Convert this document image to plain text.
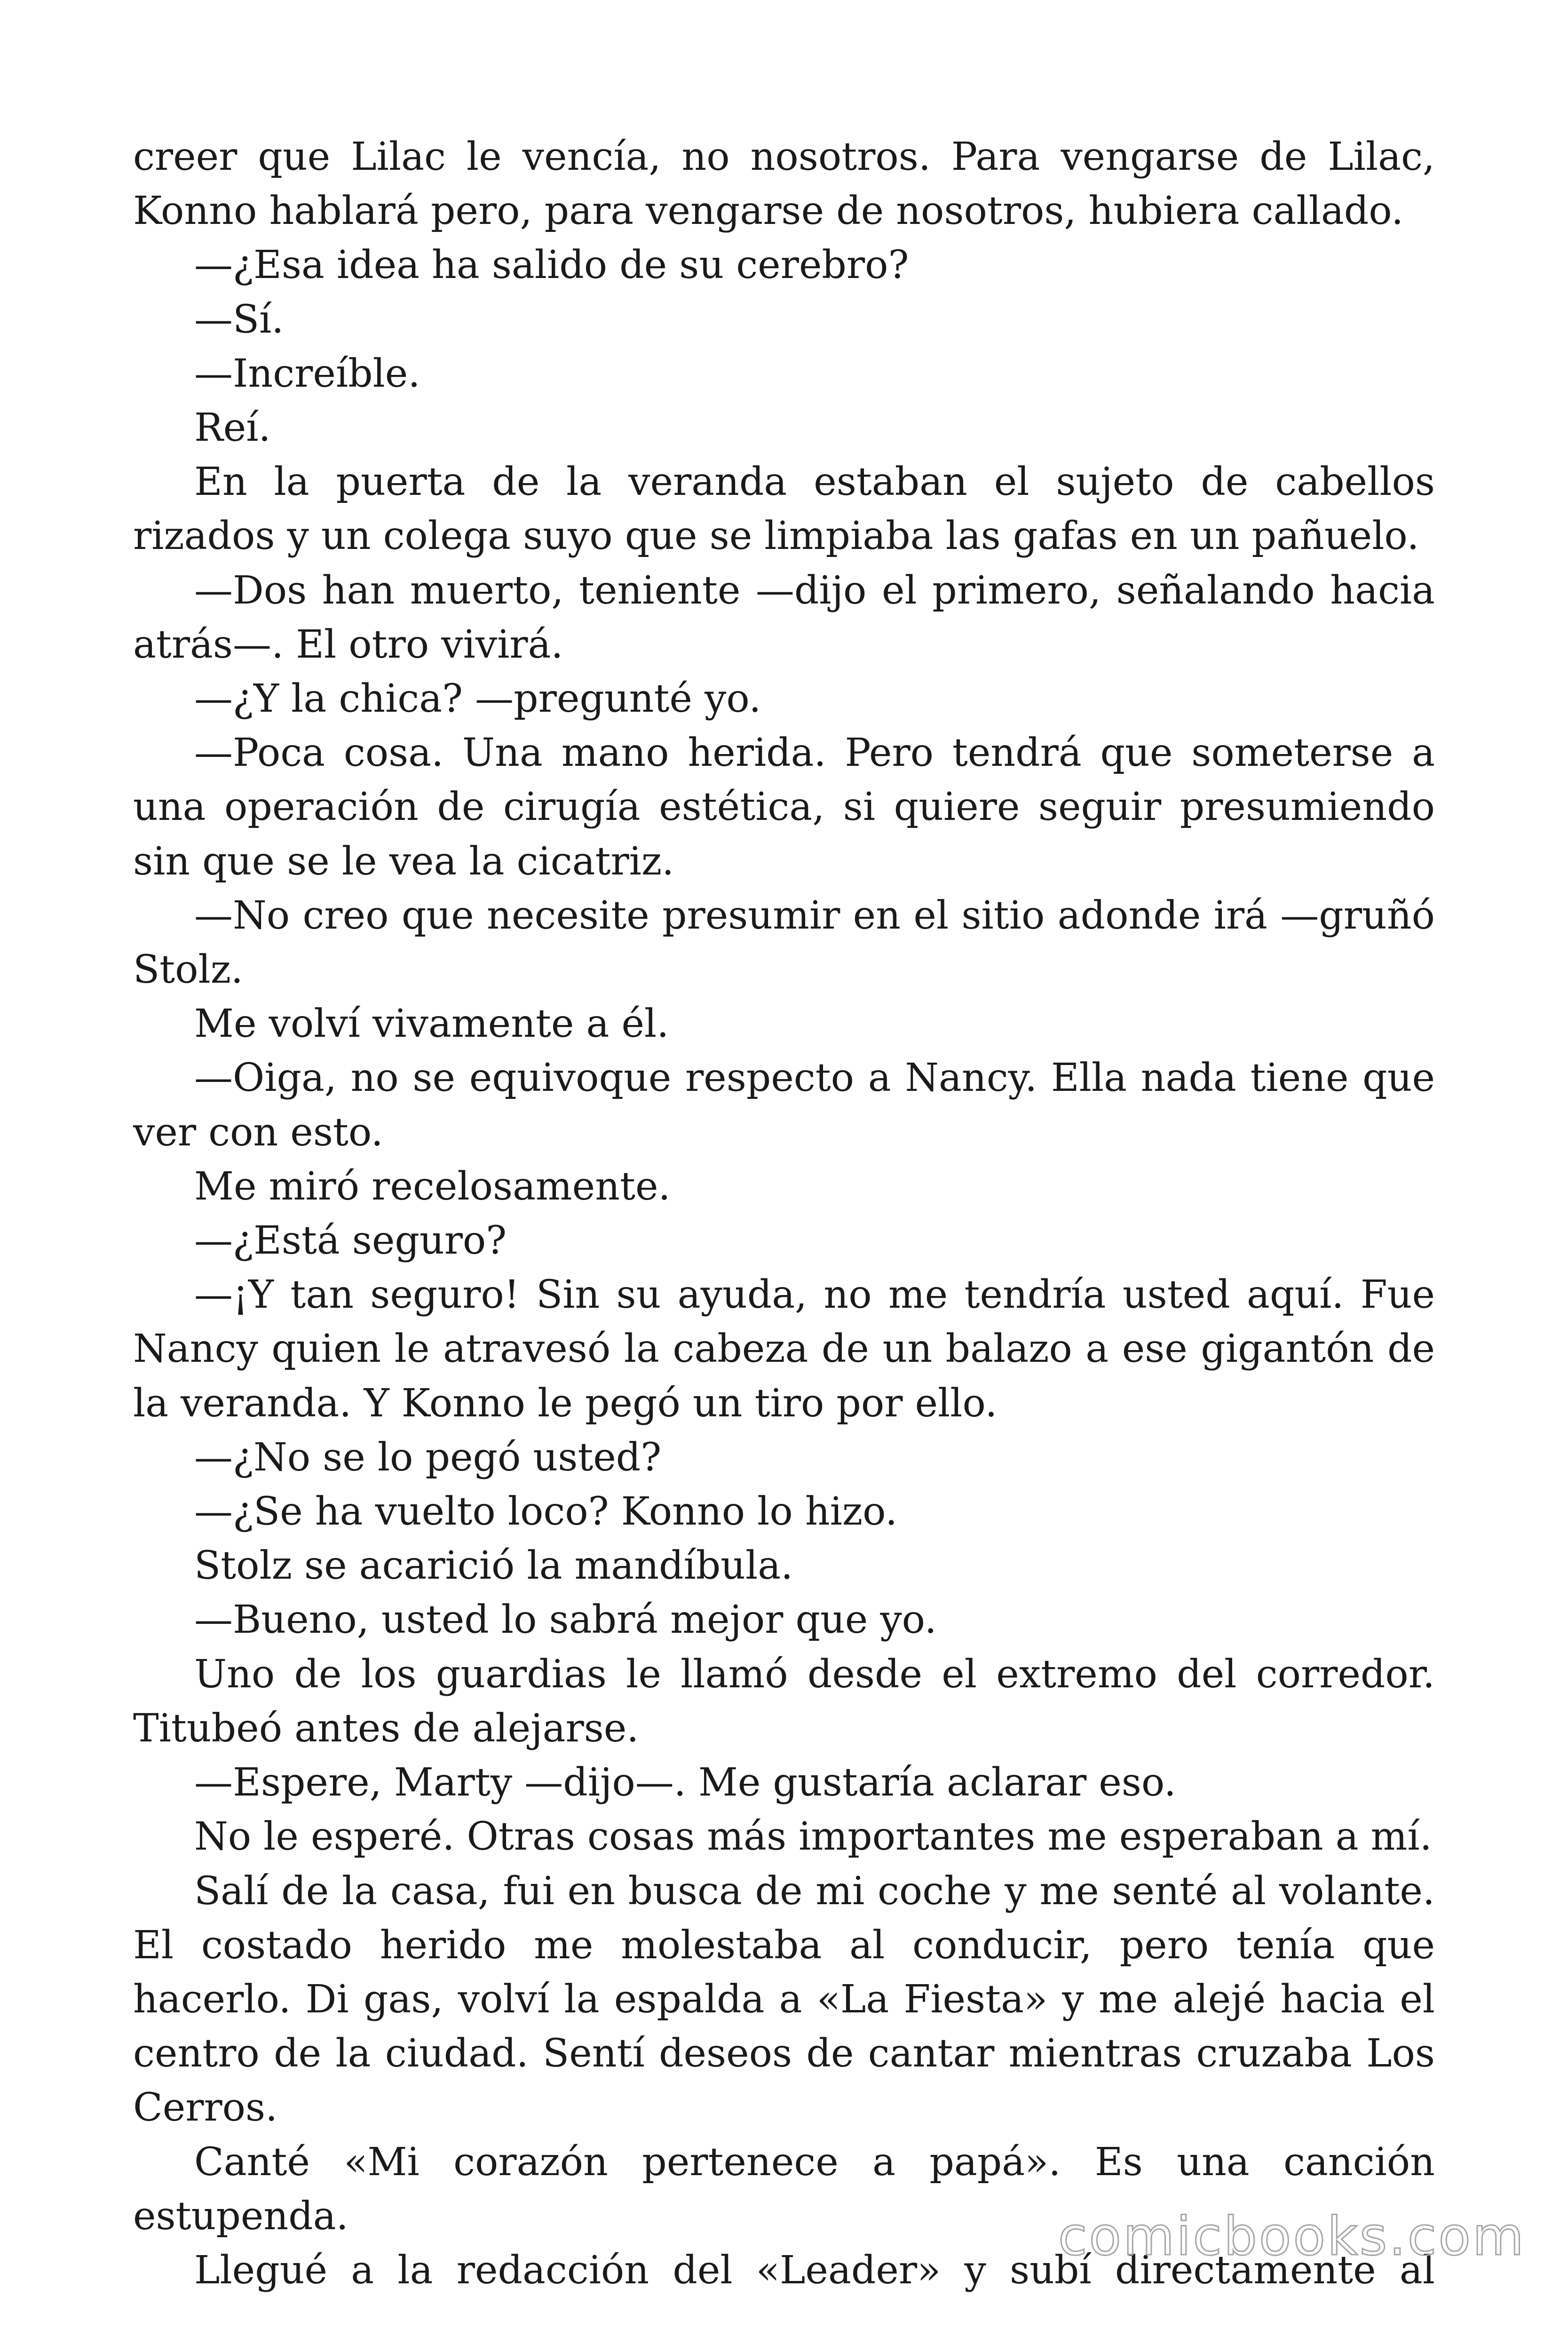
creer que Lilac le vencía, no nosotros. Para vengarse de Lilac, Konno hablará pero, para vengarse de nosotros, hubiera callado.

—¿Esa idea ha salido de su cerebro?

—Sí.

—Increíble.

Reí.

En la puerta de la veranda estaban el sujeto de cabellos rizados y un colega suyo que se limpiaba las gafas en un pañuelo.

—Dos han muerto, teniente —dijo el primero, señalando hacia atrás—. El otro vivirá.

—¿Y la chica? —pregunté yo.

—Poca cosa. Una mano herida. Pero tendrá que someterse a una operación de cirugía estética, si quiere seguir presumiendo sin que se le vea la cicatriz.

—No creo que necesite presumir en el sitio adonde irá —gruñó Stolz.

Me volví vivamente a él.

—Oiga, no se equivoque respecto a Nancy. Ella nada tiene que ver con esto.

Me miró recelosamente.

—¿Está seguro?

—¡Y tan seguro! Sin su ayuda, no me tendría usted aquí. Fue Nancy quien le atravesó la cabeza de un balazo a ese gigantón de la veranda. Y Konno le pegó un tiro por ello.

—¿No se lo pegó usted?

—¿Se ha vuelto loco? Konno lo hizo.

Stolz se acarició la mandíbula.

—Bueno, usted lo sabrá mejor que yo.

Uno de los guardias le llamó desde el extremo del corredor. Titubeó antes de alejarse.

—Espere, Marty —dijo—. Me gustaría aclarar eso.

No le esperé. Otras cosas más importantes me esperaban a mí.

Salí de la casa, fui en busca de mi coche y me senté al volante. El costado herido me molestaba al conducir, pero tenía que hacerlo. Di gas, volví la espalda a «La Fiesta» y me alejé hacia el centro de la ciudad. Sentí deseos de cantar mientras cruzaba Los Cerros.

Canté «Mi corazón pertenece a papá». Es una canción estupenda.

Llegué a la redacción del «Leader» y subí directamente al

comicbooks.com
